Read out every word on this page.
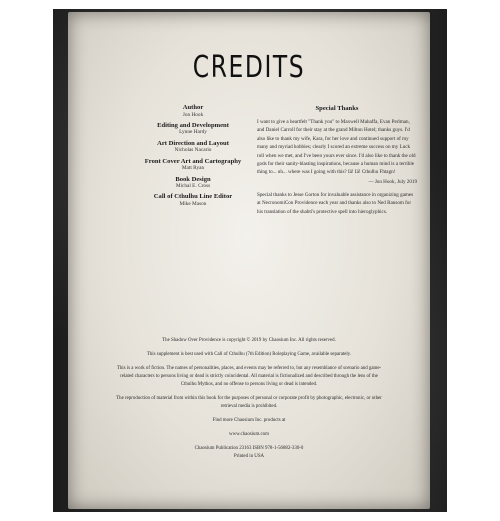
CREDITS
Author
Jon Hook
Editing and Development
Lynne Hardy
Art Direction and Layout
Nicholas Nacario
Front Cover Art and Cartography
Matt Ryan
Book Design
Michal E. Cross
Call of Cthulhu Line Editor
Mike Mason
Special Thanks

I want to give a heartfelt "Thank you" to Maxwell Mahaffa, Evan Perlman, and Daniel Carroll for their stay at the grand Milton Hotel; thanks guys. I'd also like to thank my wife, Kara, for her love and continued support of my many and myriad hobbies; clearly I scored an extreme success on my Luck roll when we met, and I've been yours ever since. I'd also like to thank the old gods for their sanity-blasting inspirations, because a human mind is a terrible thing to... uh... where was I going with this? Iä! Iä! Cthulhu Fhtagn!

— Jon Hook, July 2019

Special thanks to Jesse Gorton for invaluable assistance in organizing games at NecronomiCon Providence each year and thanks also to Ned Ransom for his translation of the shabti's protective spell into hieroglyphics.

The Shadow Over Providence is copyright © 2019 by Chaosium Inc. All rights reserved.

This supplement is best used with Call of Cthulhu (7th Edition) Roleplaying Game, available separately.

This is a work of fiction. The names of personalities, places, and events may be referred to, but any resemblance of scenario and game-related characters to persons living or dead is strictly coincidental. All material is fictionalized and described through the lens of the Cthulhu Mythos, and no offense to persons living or dead is intended.

The reproduction of material from within this book for the purposes of personal or corporate profit by photographic, electronic, or other retrieval media is prohibited.

Find more Chaosium Inc. products at

www.chaosium.com

Chaosium Publication 23163 ISBN 978-1-56882-330-0

Printed in USA
